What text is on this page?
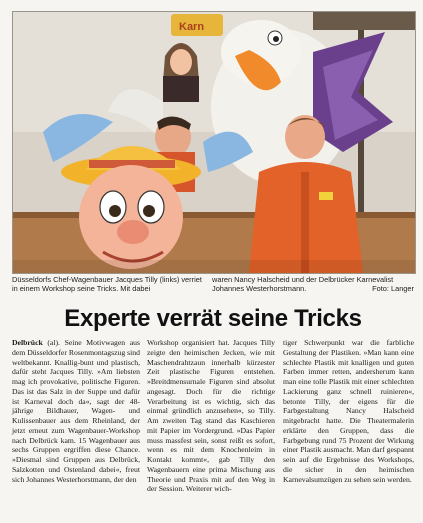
Karn
Düsseldorfs Chef-Wagenbauer Jacques Tilly (links) verriet in einem Workshop seine Tricks. Mit dabei
waren Nancy Halscheid und der Delbrücker Karnevalist Johannes Westerhorstmann.	Foto: Langer
Experte verrät seine Tricks
Delbrück (al). Seine Motivwagen aus dem Düsseldorfer Rosenmontagszug sind weltbekannt. Knallig-bunt und plastisch, dafür steht Jacques Tilly. »Am liebsten mag ich provokative, politische Figuren. Das ist das Salz in der Suppe und dafür ist Karneval doch da«, sagt der 48-jährige Bildhauer, Wagen- und Kulissenbauer aus dem Rheinland, der jetzt erneut zum Wagenbauer-Workshop nach Delbrück kam. 15 Wagenbauer aus sechs Gruppen ergriffen diese Chance. »Diesmal sind Gruppen aus Delbrück, Salzkotten und Ostenland dabei«, freut sich Johannes Westerhorstmann, der den
Workshop organisiert hat. Jacques Tilly zeigte den heimischen Jecken, wie mit Maschendrahtzaun innerhalb kürzester Zeit plastische Figuren entstehen. »Breitdmensurnale Figuren sind absolut angesagt. Doch für die richtige Verarbeitung ist es wichtig, sich das einmal gründlich anzusehen«, so Tilly. Am zweiten Tag stand das Kaschieren mit Papier im Vordergrund. »Das Papier muss massfest sein, sonst reißt es sofort, wenn es mit dem Knochenleim in Kontakt kommt«, gab Tilly den Wagenbauern eine prima Mischung aus Theorie und Praxis mit auf den Weg in der Session. Weiterer wich-
tiger Schwerpunkt war die farbliche Gestaltung der Plastiken. »Man kann eine schlechte Plastik mit knalligen und guten Farben immer retten, andersherum kann man eine tolle Plastik mit einer schlechten Lackierung ganz schnell ruinieren«, betonte Tilly, der eigens für die Farbgestaltung Nancy Halscheid mitgebracht hatte. Die Theatermalerin erklärte den Gruppen, dass die Farbgebung rund 75 Prozent der Wirkung einer Plastik ausmacht. Man darf gespannt sein auf die Ergebnisse des Workshops, die sicher in den heimischen Karnevalsumzügen zu sehen sein werden.
